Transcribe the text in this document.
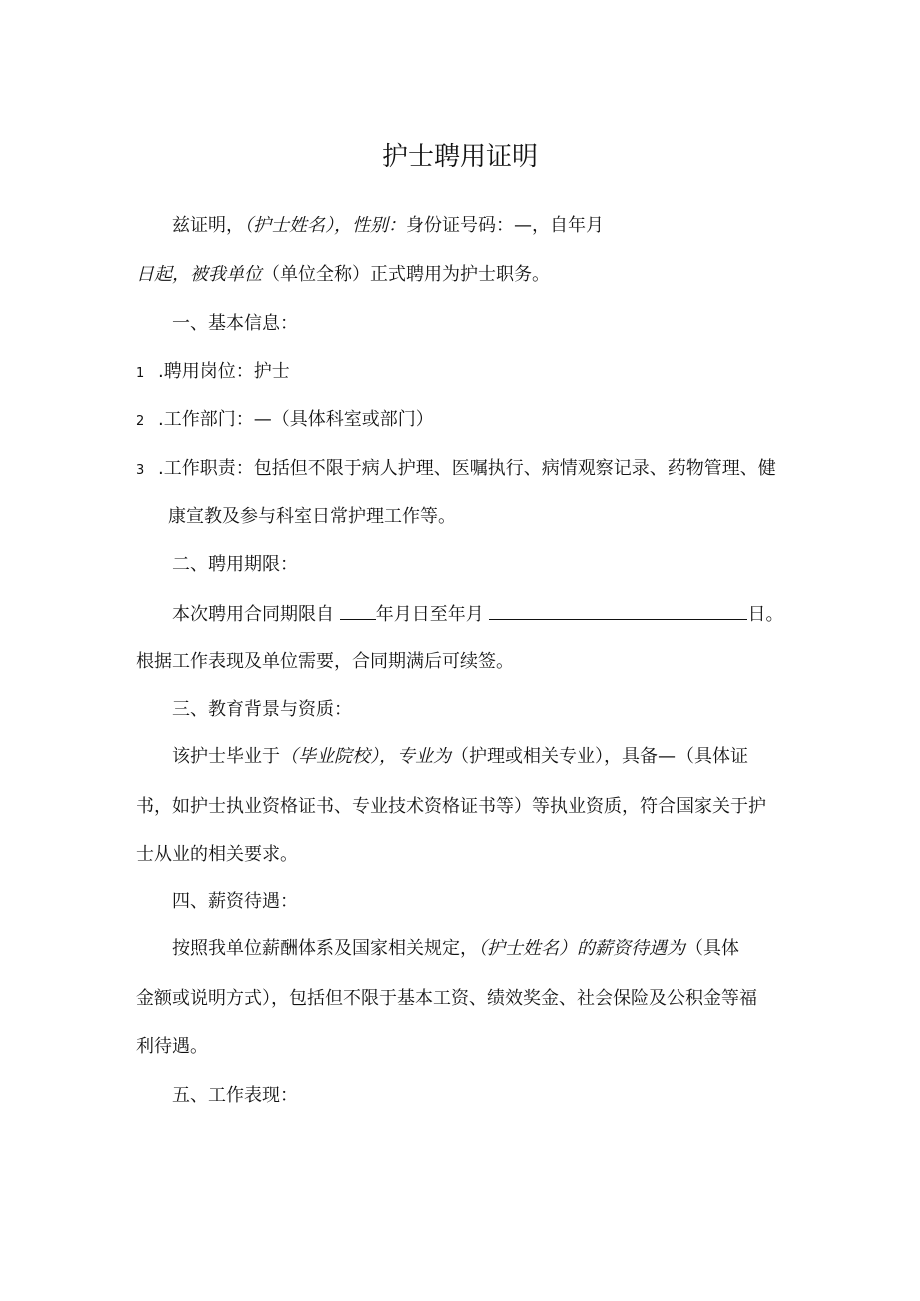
护士聘用证明
兹证明，（护士姓名），性别：身份证号码：—，自年月
日起，被我单位（单位全称）正式聘用为护士职务。
一、基本信息：
1 .聘用岗位：护士
2 .工作部门：—（具体科室或部门）
3 .工作职责：包括但不限于病人护理、医嘱执行、病情观察记录、药物管理、健
康宣教及参与科室日常护理工作等。
二、聘用期限：
本次聘用合同期限自 年月日至年月	日。
根据工作表现及单位需要，合同期满后可续签。
三、教育背景与资质：
该护士毕业于（毕业院校），专业为（护理或相关专业），具备—（具体证
书，如护士执业资格证书、专业技术资格证书等）等执业资质，符合国家关于护
士从业的相关要求。
四、薪资待遇：
按照我单位薪酬体系及国家相关规定，（护士姓名）的薪资待遇为（具体
金额或说明方式），包括但不限于基本工资、绩效奖金、社会保险及公积金等福
利待遇。
五、工作表现：
